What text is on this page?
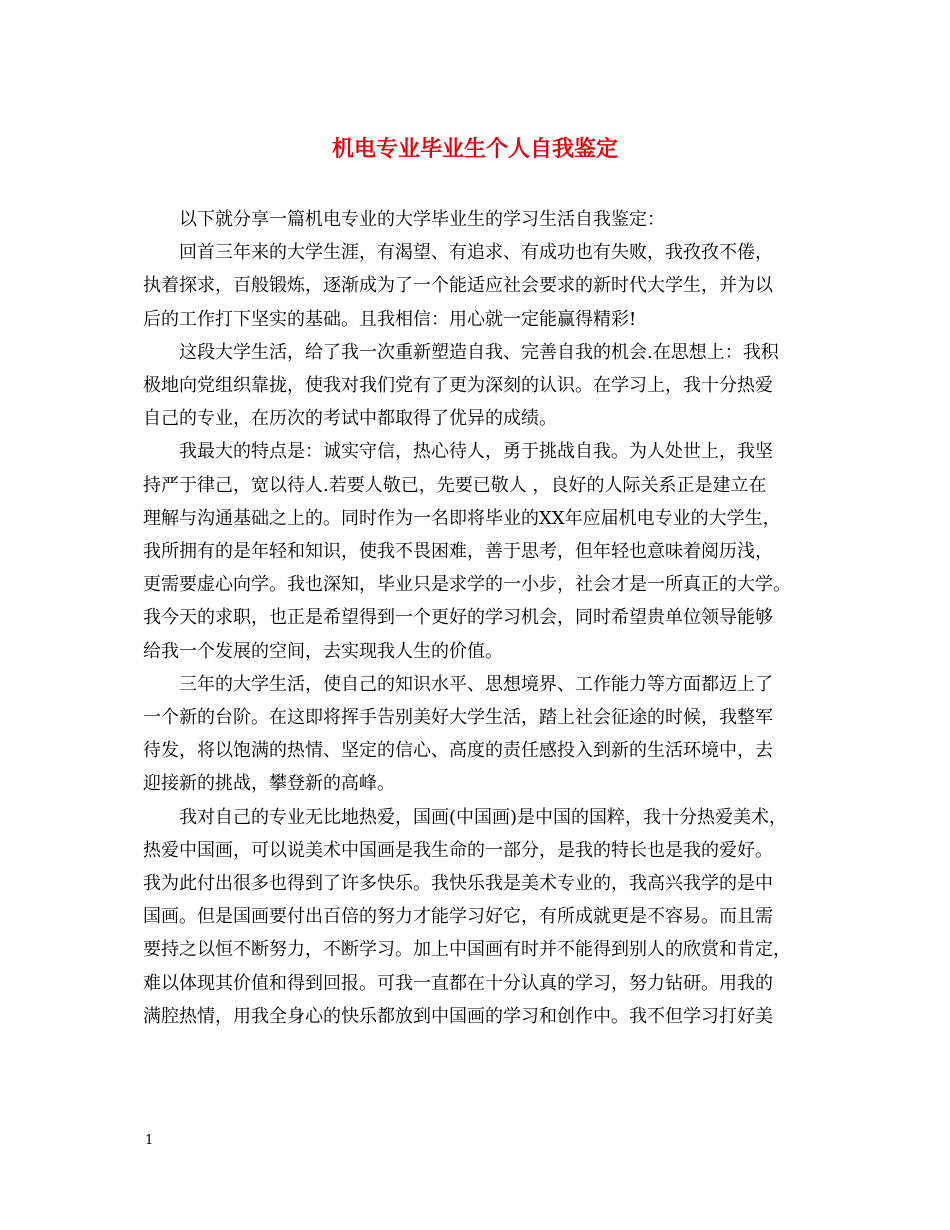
机电专业毕业生个人自我鉴定
以下就分享一篇机电专业的大学毕业生的学习生活自我鉴定：
回首三年来的大学生涯，有渴望、有追求、有成功也有失败，我孜孜不倦，
执着探求，百般锻炼，逐渐成为了一个能适应社会要求的新时代大学生，并为以
后的工作打下坚实的基础。且我相信：用心就一定能赢得精彩!
这段大学生活，给了我一次重新塑造自我、完善自我的机会.在思想上：我积
极地向党组织靠拢，使我对我们党有了更为深刻的认识。在学习上，我十分热爱
自己的专业，在历次的考试中都取得了优异的成绩。
我最大的特点是：诚实守信，热心待人，勇于挑战自我。为人处世上，我坚
持严于律己，宽以待人.若要人敬已，先要已敬人 ，良好的人际关系正是建立在
理解与沟通基础之上的。同时作为一名即将毕业的XX年应届机电专业的大学生，
我所拥有的是年轻和知识，使我不畏困难，善于思考，但年轻也意味着阅历浅，
更需要虚心向学。我也深知，毕业只是求学的一小步，社会才是一所真正的大学。
我今天的求职，也正是希望得到一个更好的学习机会，同时希望贵单位领导能够
给我一个发展的空间，去实现我人生的价值。
三年的大学生活，使自己的知识水平、思想境界、工作能力等方面都迈上了
一个新的台阶。在这即将挥手告别美好大学生活，踏上社会征途的时候，我整军
待发，将以饱满的热情、坚定的信心、高度的责任感投入到新的生活环境中，去
迎接新的挑战，攀登新的高峰。
我对自己的专业无比地热爱，国画(中国画)是中国的国粹，我十分热爱美术，
热爱中国画，可以说美术中国画是我生命的一部分，是我的特长也是我的爱好。
我为此付出很多也得到了许多快乐。我快乐我是美术专业的，我高兴我学的是中
国画。但是国画要付出百倍的努力才能学习好它，有所成就更是不容易。而且需
要持之以恒不断努力，不断学习。加上中国画有时并不能得到别人的欣赏和肯定，
难以体现其价值和得到回报。可我一直都在十分认真的学习，努力钻研。用我的
满腔热情，用我全身心的快乐都放到中国画的学习和创作中。我不但学习打好美
1
